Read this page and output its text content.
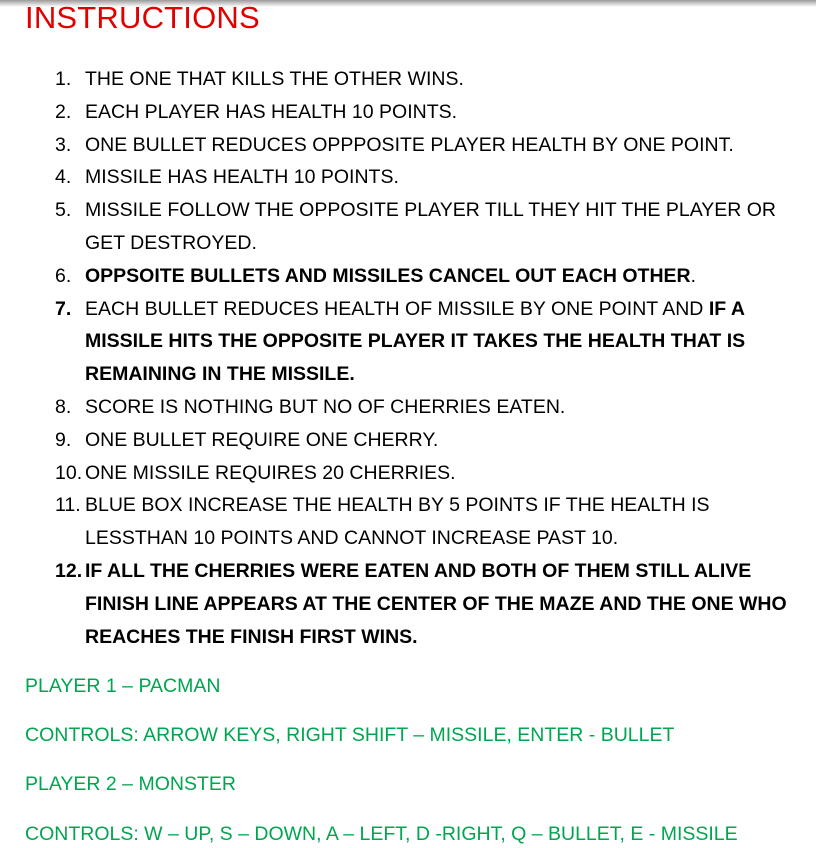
INSTRUCTIONS
1. THE ONE THAT KILLS THE OTHER WINS.
2. EACH PLAYER HAS HEALTH 10 POINTS.
3. ONE BULLET REDUCES OPPPOSITE PLAYER HEALTH BY ONE POINT.
4. MISSILE HAS HEALTH 10 POINTS.
5. MISSILE FOLLOW THE OPPOSITE PLAYER TILL THEY HIT THE PLAYER OR GET DESTROYED.
6. OPPSOITE BULLETS AND MISSILES CANCEL OUT EACH OTHER.
7. EACH BULLET REDUCES HEALTH OF MISSILE BY ONE POINT AND IF A MISSILE HITS THE OPPOSITE PLAYER IT TAKES THE HEALTH THAT IS REMAINING IN THE MISSILE.
8. SCORE IS NOTHING BUT NO OF CHERRIES EATEN.
9. ONE BULLET REQUIRE ONE CHERRY.
10. ONE MISSILE REQUIRES 20 CHERRIES.
11. BLUE BOX INCREASE THE HEALTH BY 5 POINTS IF THE HEALTH IS LESSTHAN 10 POINTS AND CANNOT INCREASE PAST 10.
12. IF ALL THE CHERRIES WERE EATEN AND BOTH OF THEM STILL ALIVE FINISH LINE APPEARS AT THE CENTER OF THE MAZE AND THE ONE WHO REACHES THE FINISH FIRST WINS.

PLAYER 1 – PACMAN

CONTROLS: ARROW KEYS, RIGHT SHIFT – MISSILE, ENTER - BULLET

PLAYER 2 – MONSTER

CONTROLS: W – UP, S – DOWN, A – LEFT, D -RIGHT, Q – BULLET, E - MISSILE
